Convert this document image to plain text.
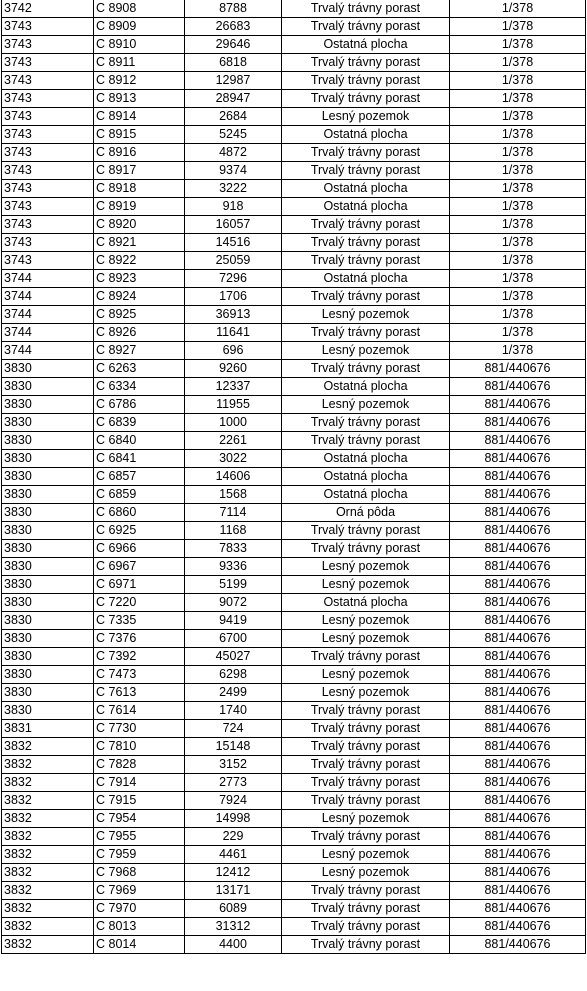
3742	C 8908	8788	Trvalý trávny porast	1/378
3743	C 8909	26683	Trvalý trávny porast	1/378
3743	C 8910	29646	Ostatná plocha	1/378
3743	C 8911	6818	Trvalý trávny porast	1/378
3743	C 8912	12987	Trvalý trávny porast	1/378
3743	C 8913	28947	Trvalý trávny porast	1/378
3743	C 8914	2684	Lesný pozemok	1/378
3743	C 8915	5245	Ostatná plocha	1/378
3743	C 8916	4872	Trvalý trávny porast	1/378
3743	C 8917	9374	Trvalý trávny porast	1/378
3743	C 8918	3222	Ostatná plocha	1/378
3743	C 8919	918	Ostatná plocha	1/378
3743	C 8920	16057	Trvalý trávny porast	1/378
3743	C 8921	14516	Trvalý trávny porast	1/378
3743	C 8922	25059	Trvalý trávny porast	1/378
3744	C 8923	7296	Ostatná plocha	1/378
3744	C 8924	1706	Trvalý trávny porast	1/378
3744	C 8925	36913	Lesný pozemok	1/378
3744	C 8926	11641	Trvalý trávny porast	1/378
3744	C 8927	696	Lesný pozemok	1/378
3830	C 6263	9260	Trvalý trávny porast	881/440676
3830	C 6334	12337	Ostatná plocha	881/440676
3830	C 6786	11955	Lesný pozemok	881/440676
3830	C 6839	1000	Trvalý trávny porast	881/440676
3830	C 6840	2261	Trvalý trávny porast	881/440676
3830	C 6841	3022	Ostatná plocha	881/440676
3830	C 6857	14606	Ostatná plocha	881/440676
3830	C 6859	1568	Ostatná plocha	881/440676
3830	C 6860	7114	Orná pôda	881/440676
3830	C 6925	1168	Trvalý trávny porast	881/440676
3830	C 6966	7833	Trvalý trávny porast	881/440676
3830	C 6967	9336	Lesný pozemok	881/440676
3830	C 6971	5199	Lesný pozemok	881/440676
3830	C 7220	9072	Ostatná plocha	881/440676
3830	C 7335	9419	Lesný pozemok	881/440676
3830	C 7376	6700	Lesný pozemok	881/440676
3830	C 7392	45027	Trvalý trávny porast	881/440676
3830	C 7473	6298	Lesný pozemok	881/440676
3830	C 7613	2499	Lesný pozemok	881/440676
3830	C 7614	1740	Trvalý trávny porast	881/440676
3831	C 7730	724	Trvalý trávny porast	881/440676
3832	C 7810	15148	Trvalý trávny porast	881/440676
3832	C 7828	3152	Trvalý trávny porast	881/440676
3832	C 7914	2773	Trvalý trávny porast	881/440676
3832	C 7915	7924	Trvalý trávny porast	881/440676
3832	C 7954	14998	Lesný pozemok	881/440676
3832	C 7955	229	Trvalý trávny porast	881/440676
3832	C 7959	4461	Lesný pozemok	881/440676
3832	C 7968	12412	Lesný pozemok	881/440676
3832	C 7969	13171	Trvalý trávny porast	881/440676
3832	C 7970	6089	Trvalý trávny porast	881/440676
3832	C 8013	31312	Trvalý trávny porast	881/440676
3832	C 8014	4400	Trvalý trávny porast	881/440676
